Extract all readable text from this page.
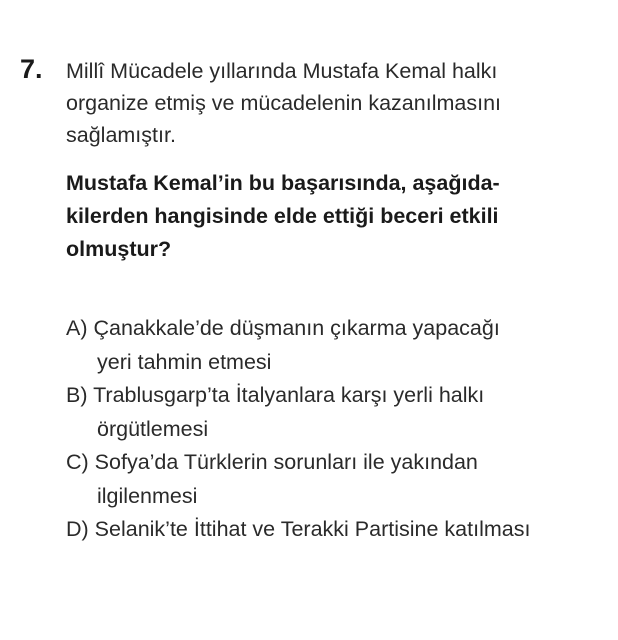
7. Millî Mücadele yıllarında Mustafa Kemal halkı
organize etmiş ve mücadelenin kazanılmasını
sağlamıştır.
Mustafa Kemal’in bu başarısında, aşağıda-
kilerden hangisinde elde ettiği beceri etkili
olmuştur?
A) Çanakkale’de düşmanın çıkarma yapacağı
yeri tahmin etmesi
B) Trablusgarp’ta İtalyanlara karşı yerli halkı
örgütlemesi
C) Sofya’da Türklerin sorunları ile yakından
ilgilenmesi
D) Selanik’te İttihat ve Terakki Partisine katılması
